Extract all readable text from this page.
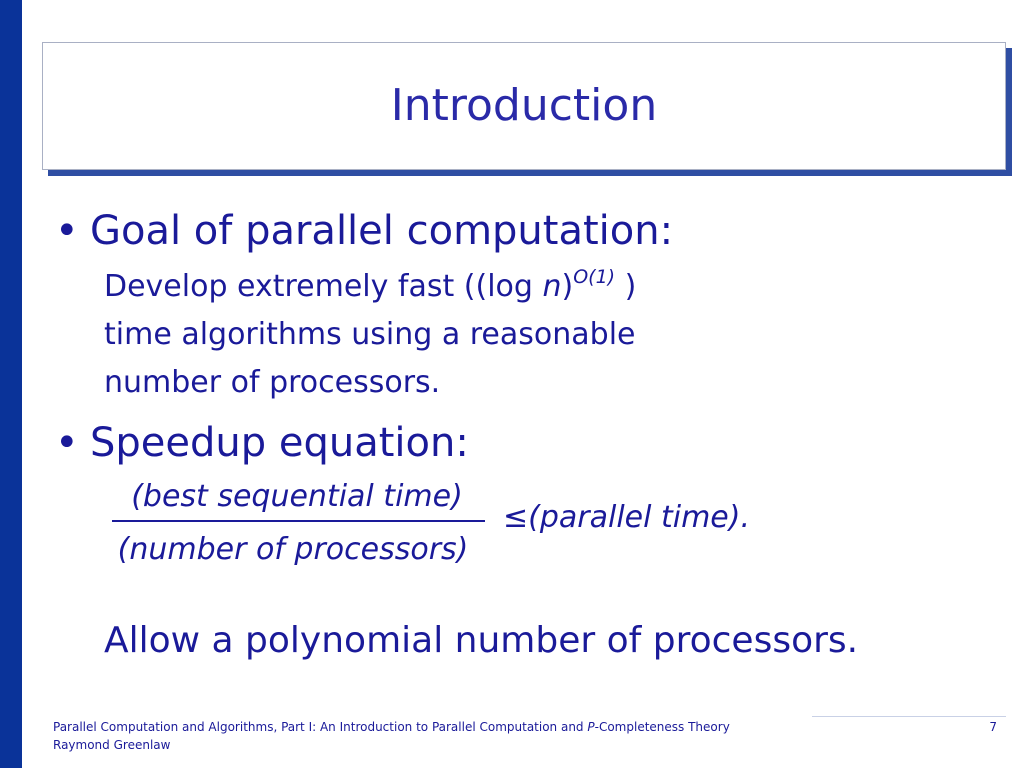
Introduction
• Goal of parallel computation:
Develop extremely fast ((log n)$^{O(1)}$ )
time algorithms using a reasonable
number of processors.
• Speedup equation:
(best sequential time)
(number of processors)
≤(parallel time).
Allow a polynomial number of processors.
Parallel Computation and Algorithms, Part I: An Introduction to Parallel Computation and P-Completeness Theory
Raymond Greenlaw
7
